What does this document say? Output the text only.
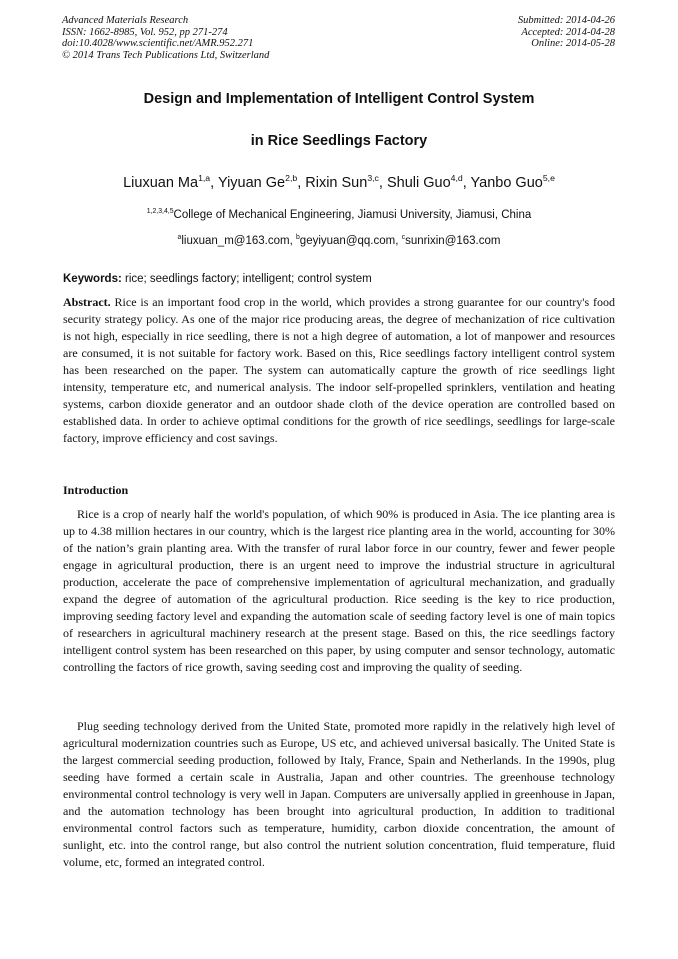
Advanced Materials Research
ISSN: 1662-8985, Vol. 952, pp 271-274
doi:10.4028/www.scientific.net/AMR.952.271
© 2014 Trans Tech Publications Ltd, Switzerland
Submitted: 2014-04-26
Accepted: 2014-04-28
Online: 2014-05-28
Design and Implementation of Intelligent Control System
in Rice Seedlings Factory
Liuxuan Ma$^{1,a}$, Yiyuan Ge$^{2,b}$, Rixin Sun$^{3,c}$, Shuli Guo$^{4,d}$, Yanbo Guo$^{5,e}$
$^{1,2,3,4,5}$College of Mechanical Engineering, Jiamusi University, Jiamusi, China
$^a$liuxuan_m@163.com, $^b$geyiyuan@qq.com, $^c$sunrixin@163.com
Keywords: rice; seedlings factory; intelligent; control system

Abstract. Rice is an important food crop in the world, which provides a strong guarantee for our country's food security strategy policy. As one of the major rice producing areas, the degree of mechanization of rice cultivation is not high, especially in rice seedling, there is not a high degree of automation, a lot of manpower and resources are consumed, it is not suitable for factory work. Based on this, Rice seedlings factory intelligent control system has been researched on the paper. The system can automatically capture the growth of rice seedlings light intensity, temperature etc, and numerical analysis. The indoor self-propelled sprinklers, ventilation and heating systems, carbon dioxide generator and an outdoor shade cloth of the device operation are controlled based on established data. In order to achieve optimal conditions for the growth of rice seedlings, seedlings for large-scale factory, improve efficiency and cost savings.

Introduction

Rice is a crop of nearly half the world's population, of which 90% is produced in Asia. The ice planting area is up to 4.38 million hectares in our country, which is the largest rice planting area in the world, accounting for 30% of the nation’s grain planting area. With the transfer of rural labor force in our country, fewer and fewer people engage in agricultural production, there is an urgent need to improve the industrial structure in agricultural production, accelerate the pace of comprehensive implementation of agricultural mechanization, and gradually expand the degree of automation of the agricultural production. Rice seeding is the key to rice production, improving seeding factory level and expanding the automation scale of seeding factory level is one of main topics of researchers in agricultural machinery research at the present stage. Based on this, the rice seedlings factory intelligent control system has been researched on this paper, by using computer and sensor technology, automatic controlling the factors of rice growth, saving seeding cost and improving the quality of seeding.

Plug seeding technology derived from the United State, promoted more rapidly in the relatively high level of agricultural modernization countries such as Europe, US etc, and achieved universal basically. The United State is the largest commercial seeding production, followed by Italy, France, Spain and Netherlands. In the 1990s, plug seeding have formed a certain scale in Australia, Japan and other countries. The greenhouse technology environmental control technology is very well in Japan. Computers are universally applied in greenhouse in Japan, and the automation technology has been brought into agricultural production, In addition to traditional environmental control factors such as temperature, humidity, carbon dioxide concentration, the amount of sunlight, etc. into the control range, but also control the nutrient solution concentration, fluid temperature, fluid volume, etc, formed an integrated control.
